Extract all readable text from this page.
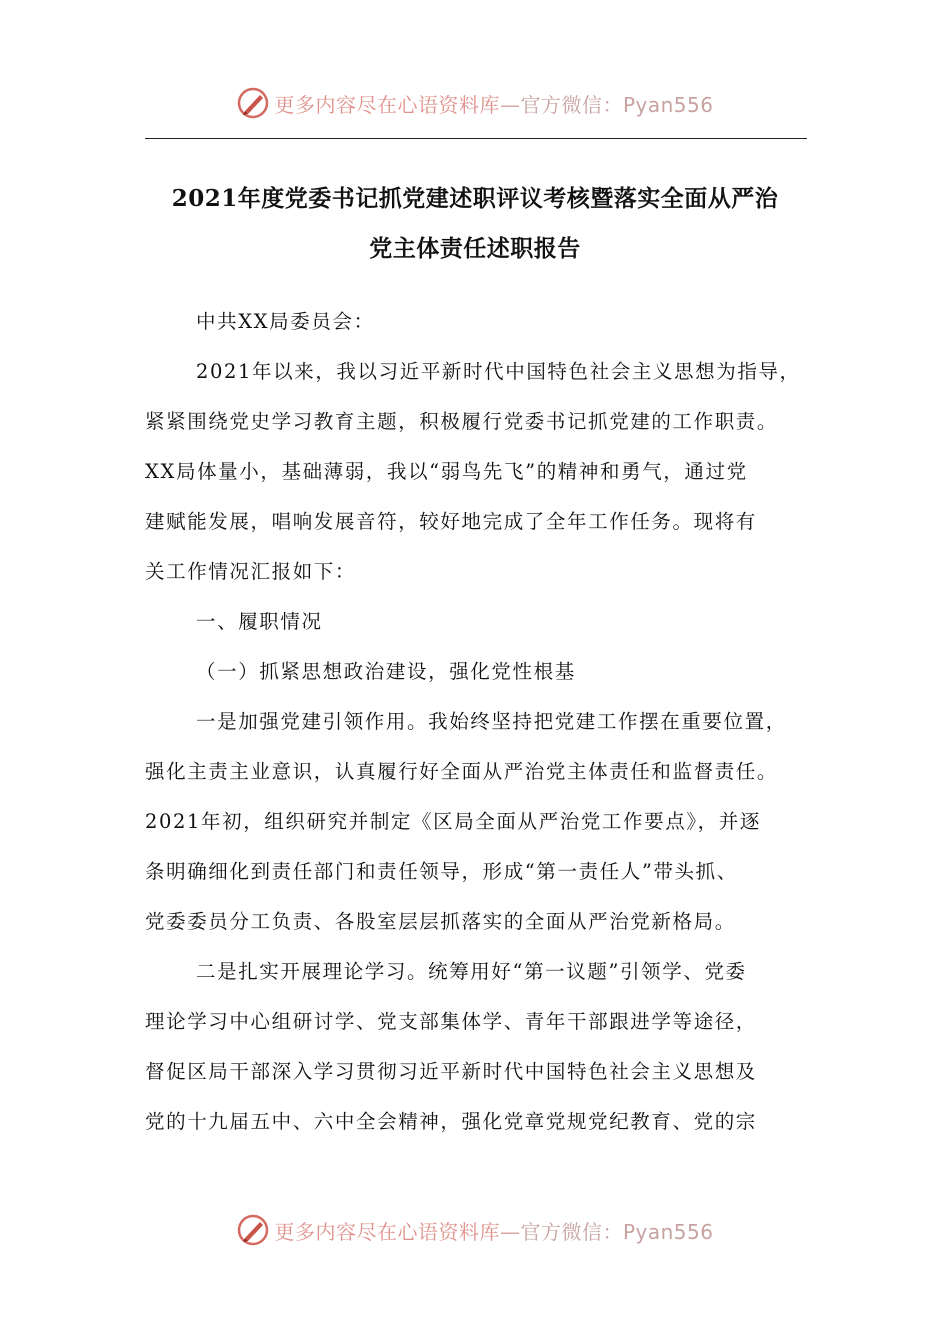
更多内容尽在心语资料库—官方微信：Pyan556
2021年度党委书记抓党建述职评议考核暨落实全面从严治
党主体责任述职报告
中共XX局委员会：
2021年以来，我以习近平新时代中国特色社会主义思想为指导，
紧紧围绕党史学习教育主题，积极履行党委书记抓党建的工作职责。
XX局体量小，基础薄弱，我以“弱鸟先飞”的精神和勇气，通过党
建赋能发展，唱响发展音符，较好地完成了全年工作任务。现将有
关工作情况汇报如下：
一、履职情况
（一）抓紧思想政治建设，强化党性根基
一是加强党建引领作用。我始终坚持把党建工作摆在重要位置，
强化主责主业意识，认真履行好全面从严治党主体责任和监督责任。
2021年初，组织研究并制定《区局全面从严治党工作要点》，并逐
条明确细化到责任部门和责任领导，形成“第一责任人”带头抓、
党委委员分工负责、各股室层层抓落实的全面从严治党新格局。
二是扎实开展理论学习。统筹用好“第一议题”引领学、党委
理论学习中心组研讨学、党支部集体学、青年干部跟进学等途径，
督促区局干部深入学习贯彻习近平新时代中国特色社会主义思想及
党的十九届五中、六中全会精神，强化党章党规党纪教育、党的宗
更多内容尽在心语资料库—官方微信：Pyan556
